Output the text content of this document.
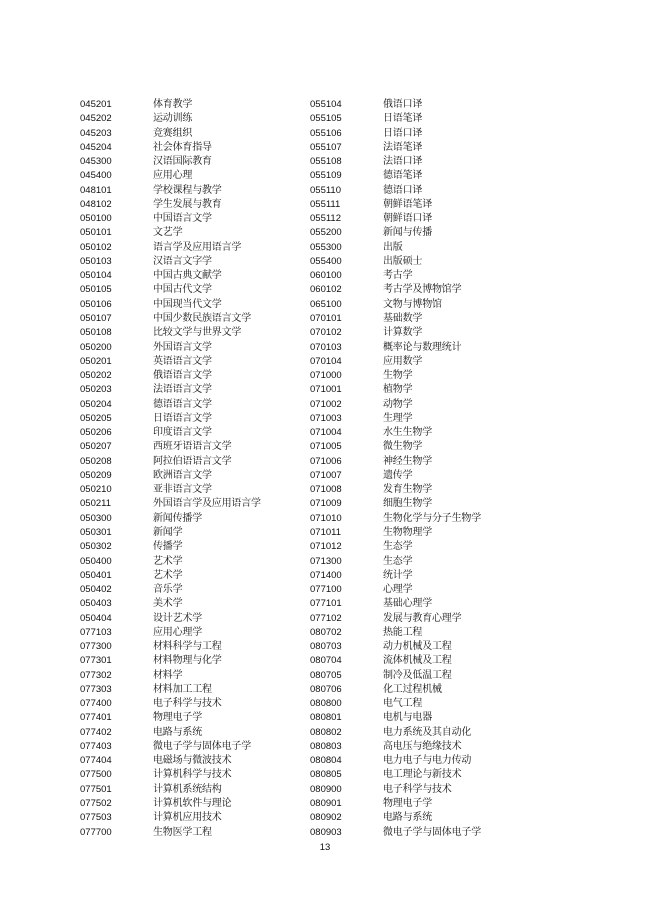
045201	体育教学
045202	运动训练
045203	竞赛组织
045204	社会体育指导
045300	汉语国际教育
045400	应用心理
048101	学校课程与教学
048102	学生发展与教育
050100	中国语言文学
050101	文艺学
050102	语言学及应用语言学
050103	汉语言文字学
050104	中国古典文献学
050105	中国古代文学
050106	中国现当代文学
050107	中国少数民族语言文学
050108	比较文学与世界文学
050200	外国语言文学
050201	英语语言文学
050202	俄语语言文学
050203	法语语言文学
050204	德语语言文学
050205	日语语言文学
050206	印度语言文学
050207	西班牙语语言文学
050208	阿拉伯语语言文学
050209	欧洲语言文学
050210	亚非语言文学
050211	外国语言学及应用语言学
050300	新闻传播学
050301	新闻学
050302	传播学
050400	艺术学
050401	艺术学
050402	音乐学
050403	美术学
050404	设计艺术学
077103	应用心理学
077300	材料科学与工程
077301	材料物理与化学
077302	材料学
077303	材料加工工程
077400	电子科学与技术
077401	物理电子学
077402	电路与系统
077403	微电子学与固体电子学
077404	电磁场与微波技术
077500	计算机科学与技术
077501	计算机系统结构
077502	计算机软件与理论
077503	计算机应用技术
077700	生物医学工程
055104	俄语口译
055105	日语笔译
055106	日语口译
055107	法语笔译
055108	法语口译
055109	德语笔译
055110	德语口译
055111	朝鲜语笔译
055112	朝鲜语口译
055200	新闻与传播
055300	出版
055400	出版硕士
060100	考古学
060102	考古学及博物馆学
065100	文物与博物馆
070101	基础数学
070102	计算数学
070103	概率论与数理统计
070104	应用数学
071000	生物学
071001	植物学
071002	动物学
071003	生理学
071004	水生生物学
071005	微生物学
071006	神经生物学
071007	遗传学
071008	发育生物学
071009	细胞生物学
071010	生物化学与分子生物学
071011	生物物理学
071012	生态学
071300	生态学
071400	统计学
077100	心理学
077101	基础心理学
077102	发展与教育心理学
080702	热能工程
080703	动力机械及工程
080704	流体机械及工程
080705	制冷及低温工程
080706	化工过程机械
080800	电气工程
080801	电机与电器
080802	电力系统及其自动化
080803	高电压与绝缘技术
080804	电力电子与电力传动
080805	电工理论与新技术
080900	电子科学与技术
080901	物理电子学
080902	电路与系统
080903	微电子学与固体电子学
13
